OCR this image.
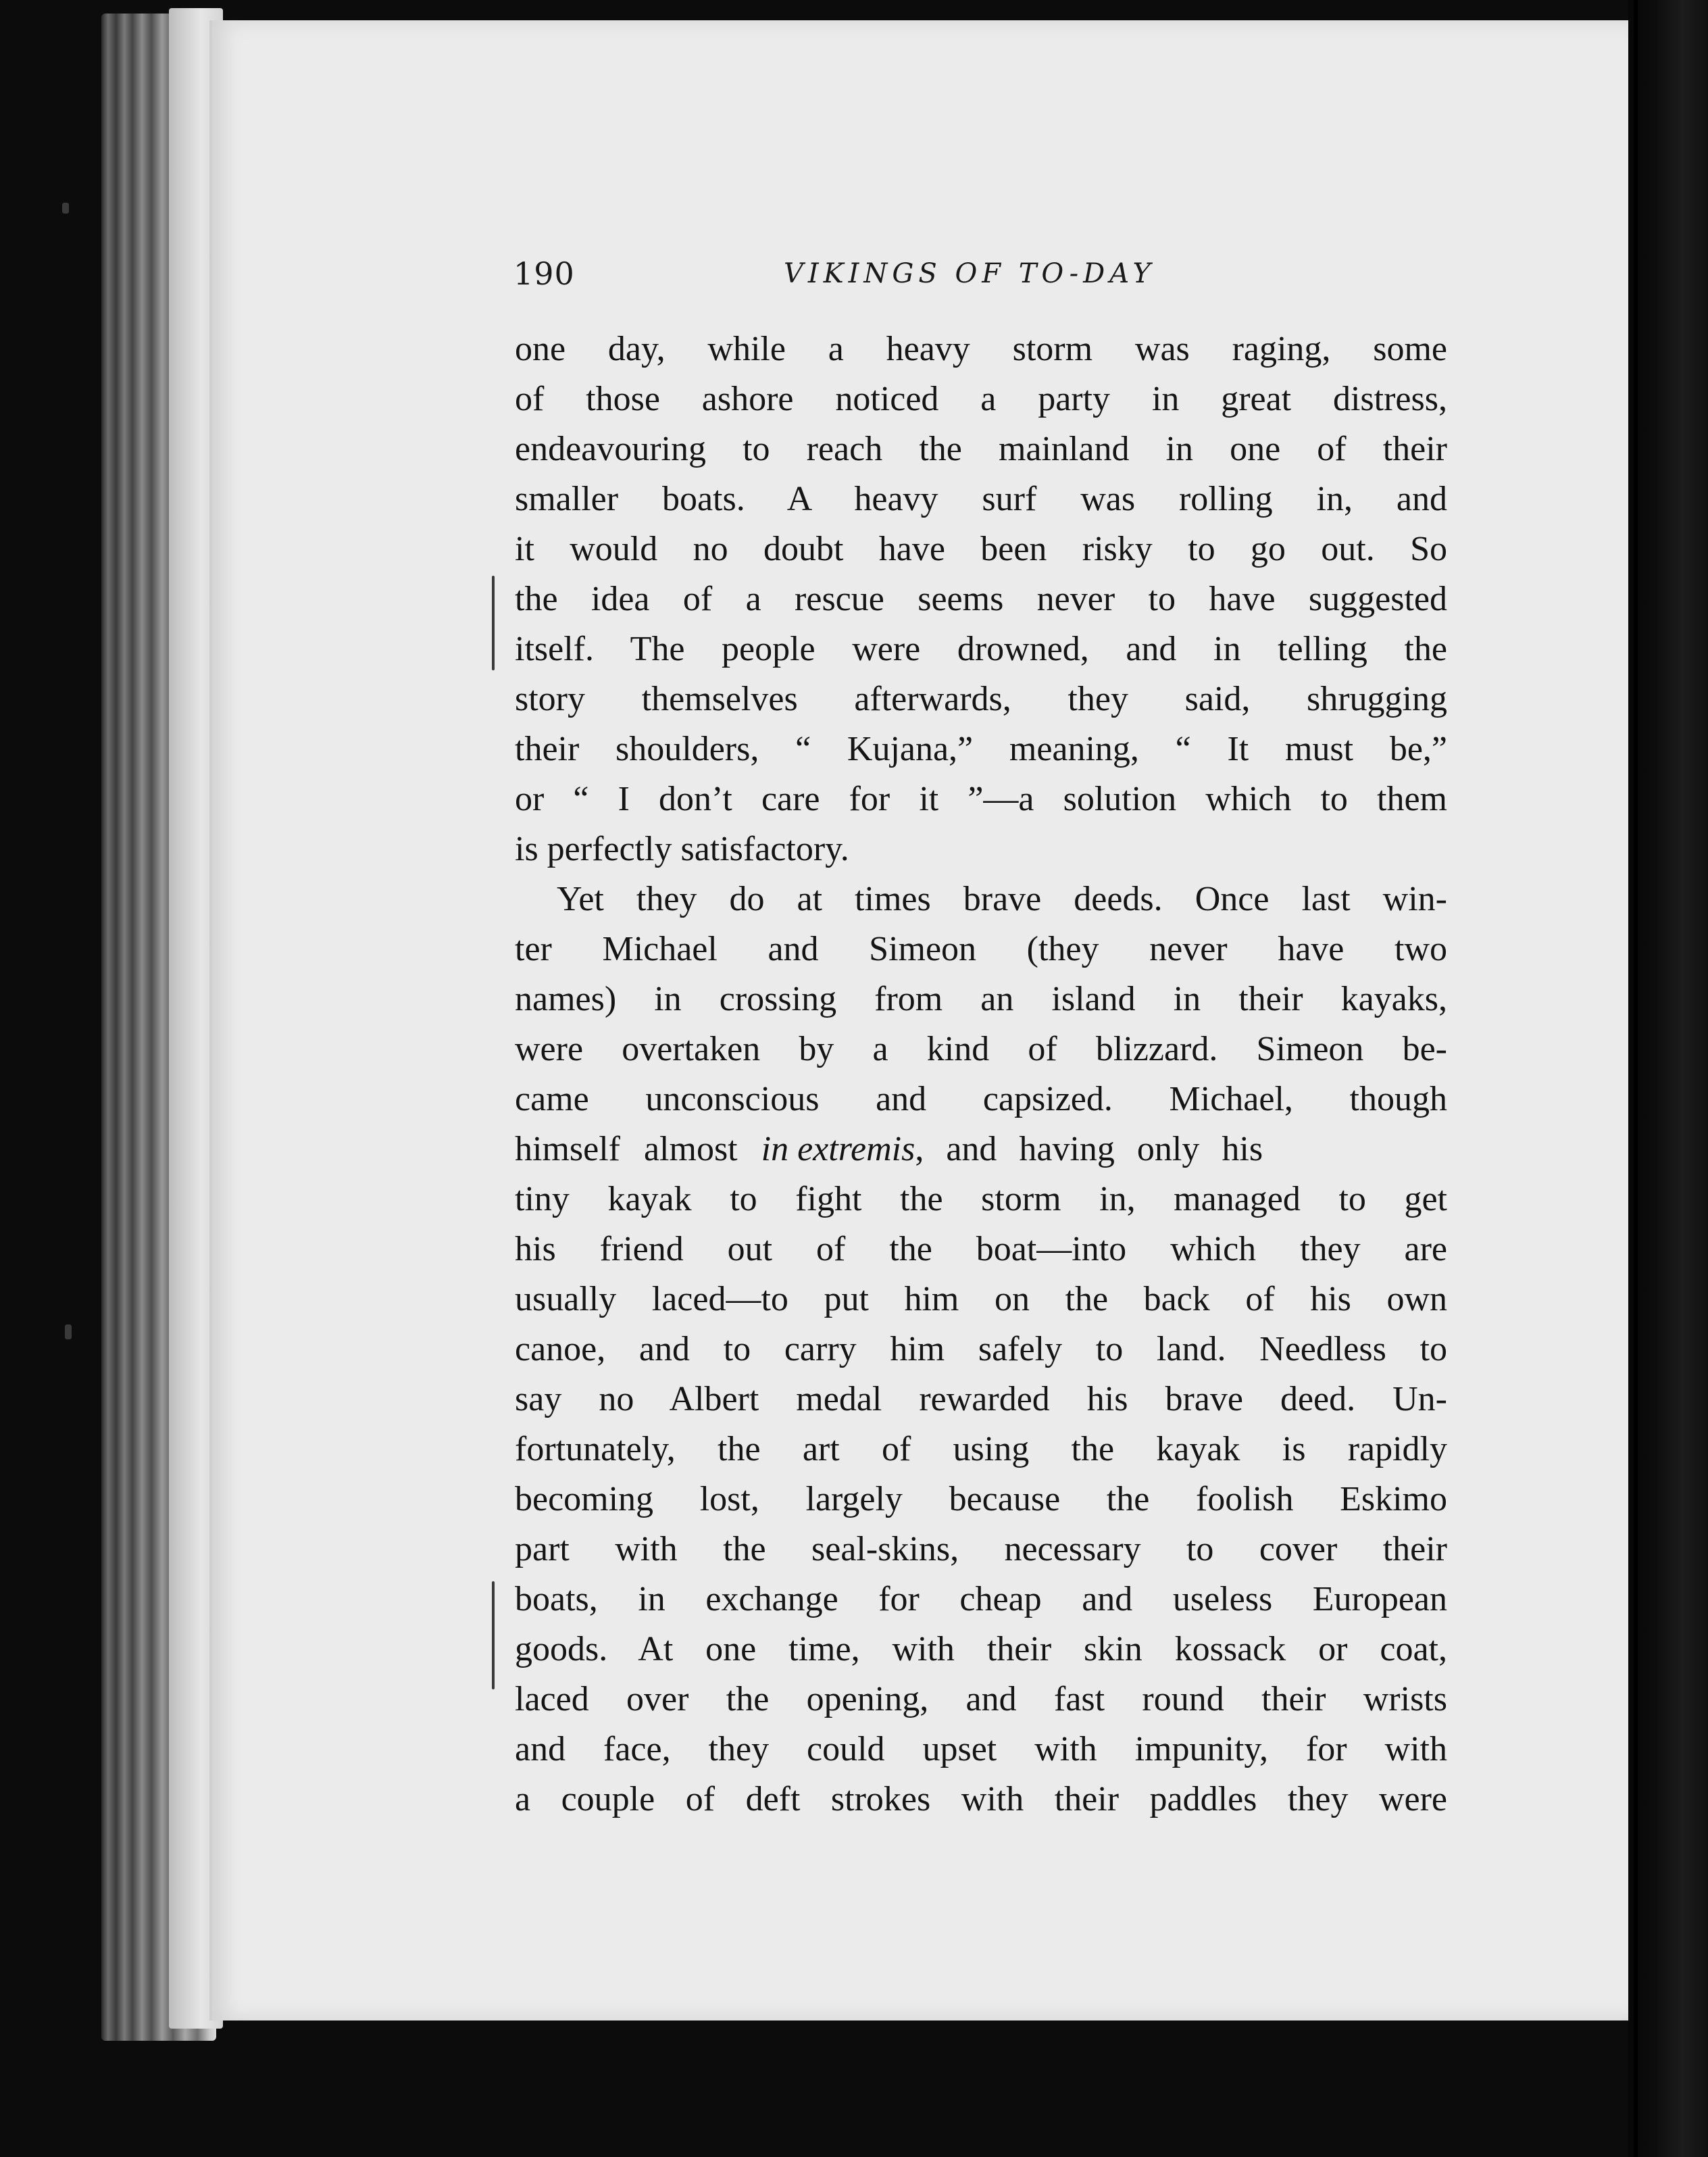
190	VIKINGS OF TO-DAY
one day, while a heavy storm was raging, some
of those ashore noticed a party in great distress,
endeavouring to reach the mainland in one of their
smaller boats. A heavy surf was rolling in, and
it would no doubt have been risky to go out. So
the idea of a rescue seems never to have suggested
itself. The people were drowned, and in telling the
story themselves afterwards, they said, shrugging
their shoulders, “ Kujana,” meaning, “ It must be,”
or “ I don’t care for it ”—a solution which to them
is perfectly satisfactory.
Yet they do at times brave deeds. Once last win-
ter Michael and Simeon (they never have two
names) in crossing from an island in their kayaks,
were overtaken by a kind of blizzard. Simeon be-
came unconscious and capsized. Michael, though
himself almost in extremis, and having only his
tiny kayak to fight the storm in, managed to get
his friend out of the boat—into which they are
usually laced—to put him on the back of his own
canoe, and to carry him safely to land. Needless to
say no Albert medal rewarded his brave deed. Un-
fortunately, the art of using the kayak is rapidly
becoming lost, largely because the foolish Eskimo
part with the seal-skins, necessary to cover their
boats, in exchange for cheap and useless European
goods. At one time, with their skin kossack or coat,
laced over the opening, and fast round their wrists
and face, they could upset with impunity, for with
a couple of deft strokes with their paddles they were
